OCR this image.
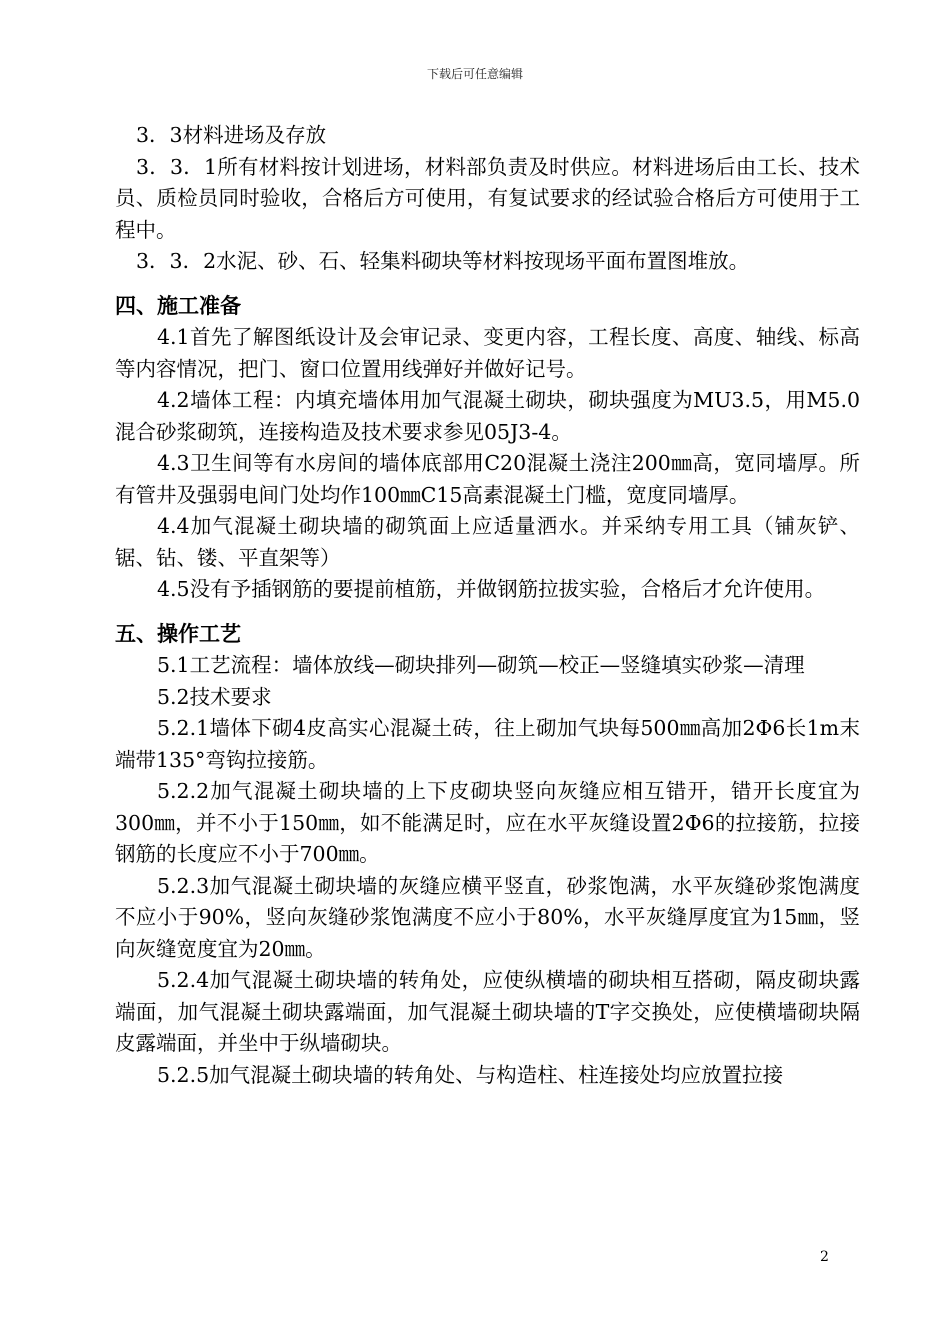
下载后可任意编辑

3．3材料进场及存放

3．3．1所有材料按计划进场，材料部负责及时供应。材料进场后由工长、技术员、质检员同时验收，合格后方可使用，有复试要求的经试验合格后方可使用于工程中。

3．3．2水泥、砂、石、轻集料砌块等材料按现场平面布置图堆放。

四、施工准备

4.1首先了解图纸设计及会审记录、变更内容，工程长度、高度、轴线、标高等内容情况，把门、窗口位置用线弹好并做好记号。

4.2墙体工程：内填充墙体用加气混凝土砌块，砌块强度为MU3.5，用M5.0混合砂浆砌筑，连接构造及技术要求参见05J3-4。

4.3卫生间等有水房间的墙体底部用C20混凝土浇注200㎜高，宽同墙厚。所有管井及强弱电间门处均作100㎜C15高素混凝土门槛，宽度同墙厚。

4.4加气混凝土砌块墙的砌筑面上应适量洒水。并采纳专用工具（铺灰铲、锯、钻、镂、平直架等）

4.5没有予插钢筋的要提前植筋，并做钢筋拉拔实验，合格后才允许使用。

五、操作工艺

5.1工艺流程：墙体放线—砌块排列—砌筑—校正—竖缝填实砂浆—清理

5.2技术要求

5.2.1墙体下砌4皮高实心混凝土砖，往上砌加气块每500㎜高加2Φ6长1m末端带135°弯钩拉接筋。

5.2.2加气混凝土砌块墙的上下皮砌块竖向灰缝应相互错开，错开长度宜为300㎜，并不小于150㎜，如不能满足时，应在水平灰缝设置2Φ6的拉接筋，拉接钢筋的长度应不小于700㎜。

5.2.3加气混凝土砌块墙的灰缝应横平竖直，砂浆饱满，水平灰缝砂浆饱满度不应小于90%，竖向灰缝砂浆饱满度不应小于80%，水平灰缝厚度宜为15㎜，竖向灰缝宽度宜为20㎜。

5.2.4加气混凝土砌块墙的转角处，应使纵横墙的砌块相互搭砌，隔皮砌块露端面，加气混凝土砌块露端面，加气混凝土砌块墙的T字交换处，应使横墙砌块隔皮露端面，并坐中于纵墙砌块。

5.2.5加气混凝土砌块墙的转角处、与构造柱、柱连接处均应放置拉接

2
